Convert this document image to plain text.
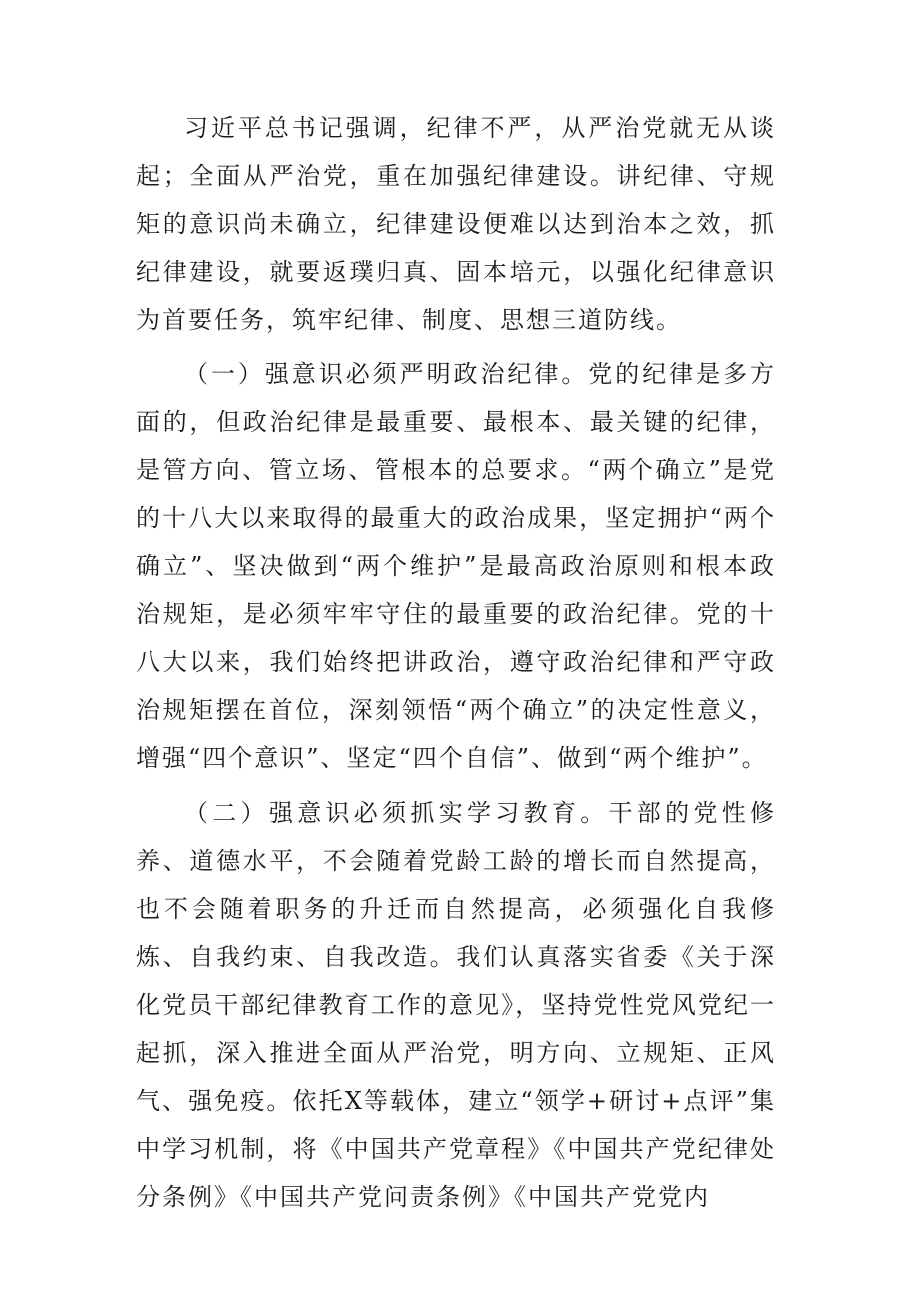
习近平总书记强调，纪律不严，从严治党就无从谈起；全面从严治党，重在加强纪律建设。讲纪律、守规矩的意识尚未确立，纪律建设便难以达到治本之效，抓纪律建设，就要返璞归真、固本培元，以强化纪律意识为首要任务，筑牢纪律、制度、思想三道防线。

（一）强意识必须严明政治纪律。党的纪律是多方面的，但政治纪律是最重要、最根本、最关键的纪律，是管方向、管立场、管根本的总要求。“两个确立”是党的十八大以来取得的最重大的政治成果，坚定拥护“两个确立”、坚决做到“两个维护”是最高政治原则和根本政治规矩，是必须牢牢守住的最重要的政治纪律。党的十八大以来，我们始终把讲政治，遵守政治纪律和严守政治规矩摆在首位，深刻领悟“两个确立”的决定性意义，增强“四个意识”、坚定“四个自信”、做到“两个维护”。

（二）强意识必须抓实学习教育。干部的党性修养、道德水平，不会随着党龄工龄的增长而自然提高，也不会随着职务的升迁而自然提高，必须强化自我修炼、自我约束、自我改造。我们认真落实省委《关于深化党员干部纪律教育工作的意见》，坚持党性党风党纪一起抓，深入推进全面从严治党，明方向、立规矩、正风气、强免疫。依托X等载体，建立“领学+研讨+点评”集中学习机制，将《中国共产党章程》《中国共产党纪律处分条例》《中国共产党问责条例》《中国共产党党内
